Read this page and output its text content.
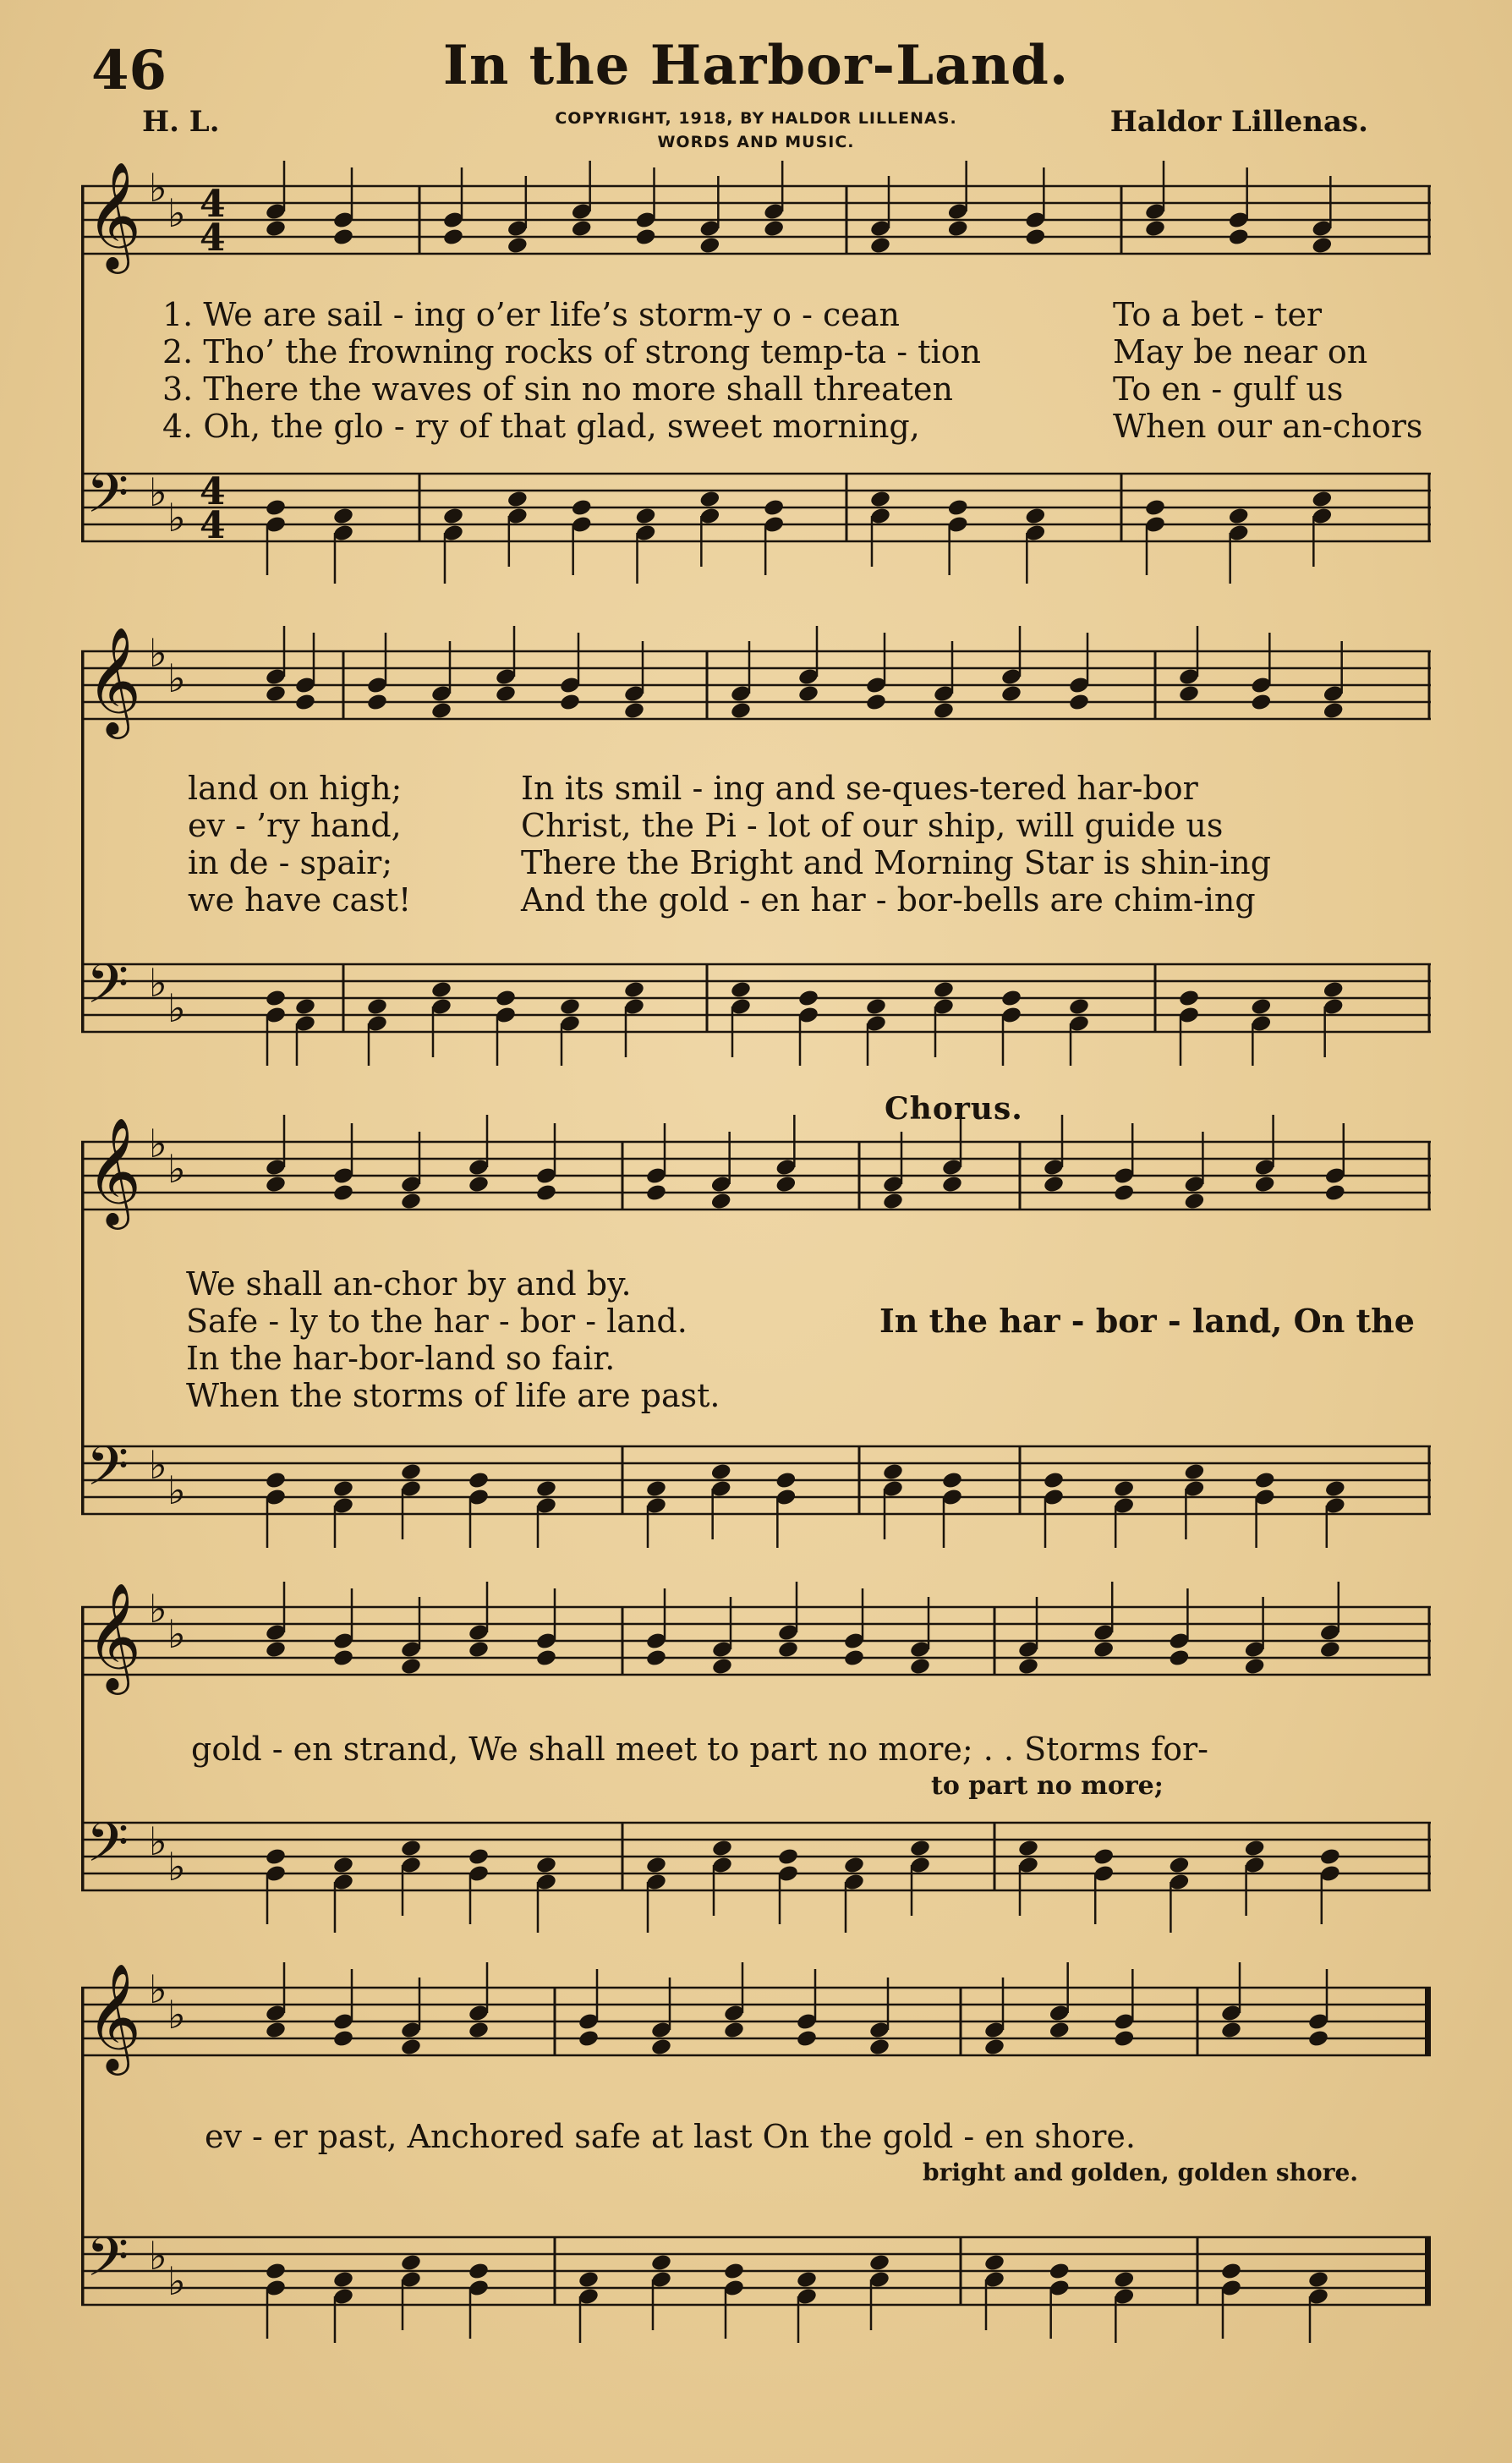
46	In the Harbor-Land.
H. L.	COPYRIGHT, 1918, BY HALDOR LILLENAS.
WORDS AND MUSIC.
Haldor Lillenas.
𝄞 ♭
♭
𝄢 ♭
♭
4
4
4
4
1. We are sail - ing o’er life’s storm-y o - cean
2. Tho’ the frowning rocks of strong temp-ta - tion
3. There the waves of sin no more shall threaten
4. Oh, the glo - ry of that glad, sweet morning,
To a bet - ter
May be near on
To en - gulf us
When our an-chors
𝄞 ♭
♭
𝄢 ♭
♭
land on high;
ev - ’ry hand,
in de - spair;
we have cast!
In its smil - ing and se-ques-tered har-bor
Christ, the Pi - lot of our ship, will guide us
There the Bright and Morning Star is shin-ing
And the gold - en har - bor-bells are chim-ing
𝄞 ♭
♭
𝄢 ♭
♭
Chorus.
We shall an-chor by and by.
Safe - ly to the har - bor - land.
In the har-bor-land so fair.
When the storms of life are past.
In the har - bor - land, On the
𝄞 ♭
♭
𝄢 ♭
♭
gold - en strand, We shall meet to part no more; . . Storms for-
to part no more;
𝄞 ♭
♭
𝄢 ♭
♭
ev - er past, Anchored safe at last On the gold - en shore.
bright and golden, golden shore.
